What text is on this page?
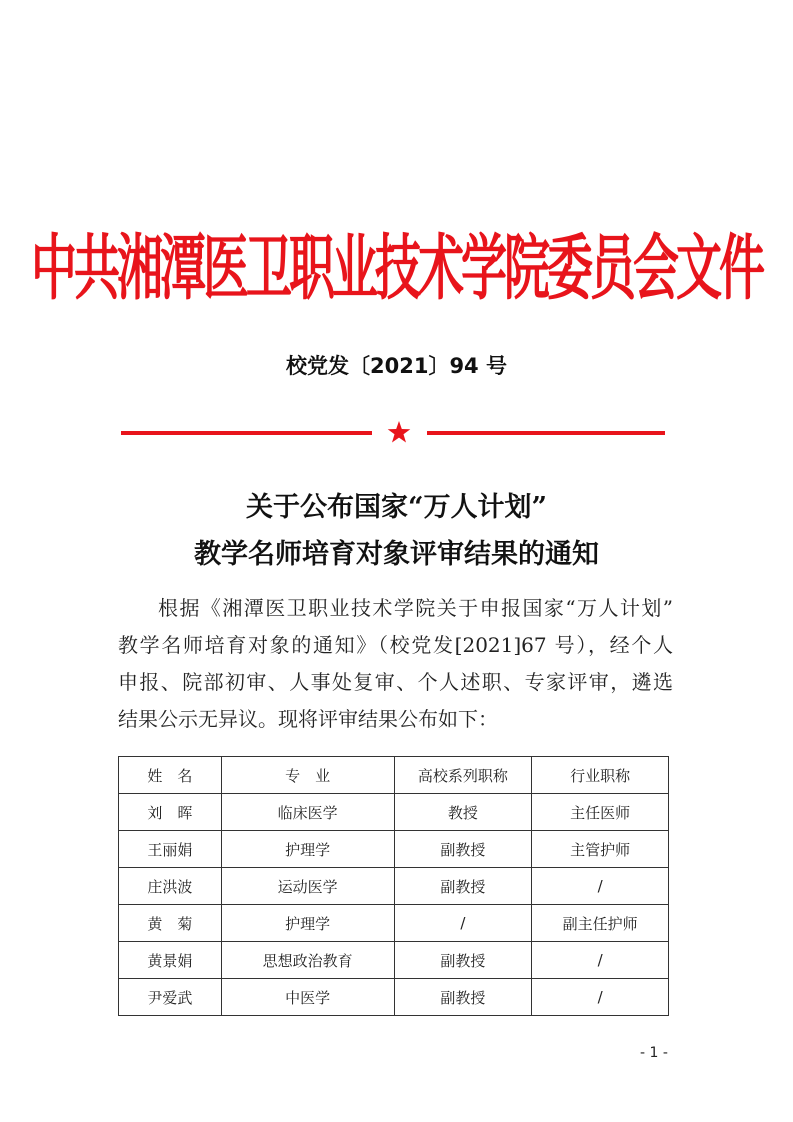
中共湘潭医卫职业技术学院委员会文件
校党发〔2021〕94 号
关于公布国家“万人计划”
教学名师培育对象评审结果的通知
根据《湘潭医卫职业技术学院关于申报国家“万人计划”
教学名师培育对象的通知》（校党发[2021]67 号），经个人
申报、院部初审、人事处复审、个人述职、专家评审，遴选
结果公示无异议。现将评审结果公布如下：
姓　名	专　业	高校系列职称	行业职称
刘　晖	临床医学	教授	主任医师
王丽娟	护理学	副教授	主管护师
庄洪波	运动医学	副教授	/
黄　菊	护理学	/	副主任护师
黄景娟	思想政治教育	副教授	/
尹爱武	中医学	副教授	/
- 1 -
